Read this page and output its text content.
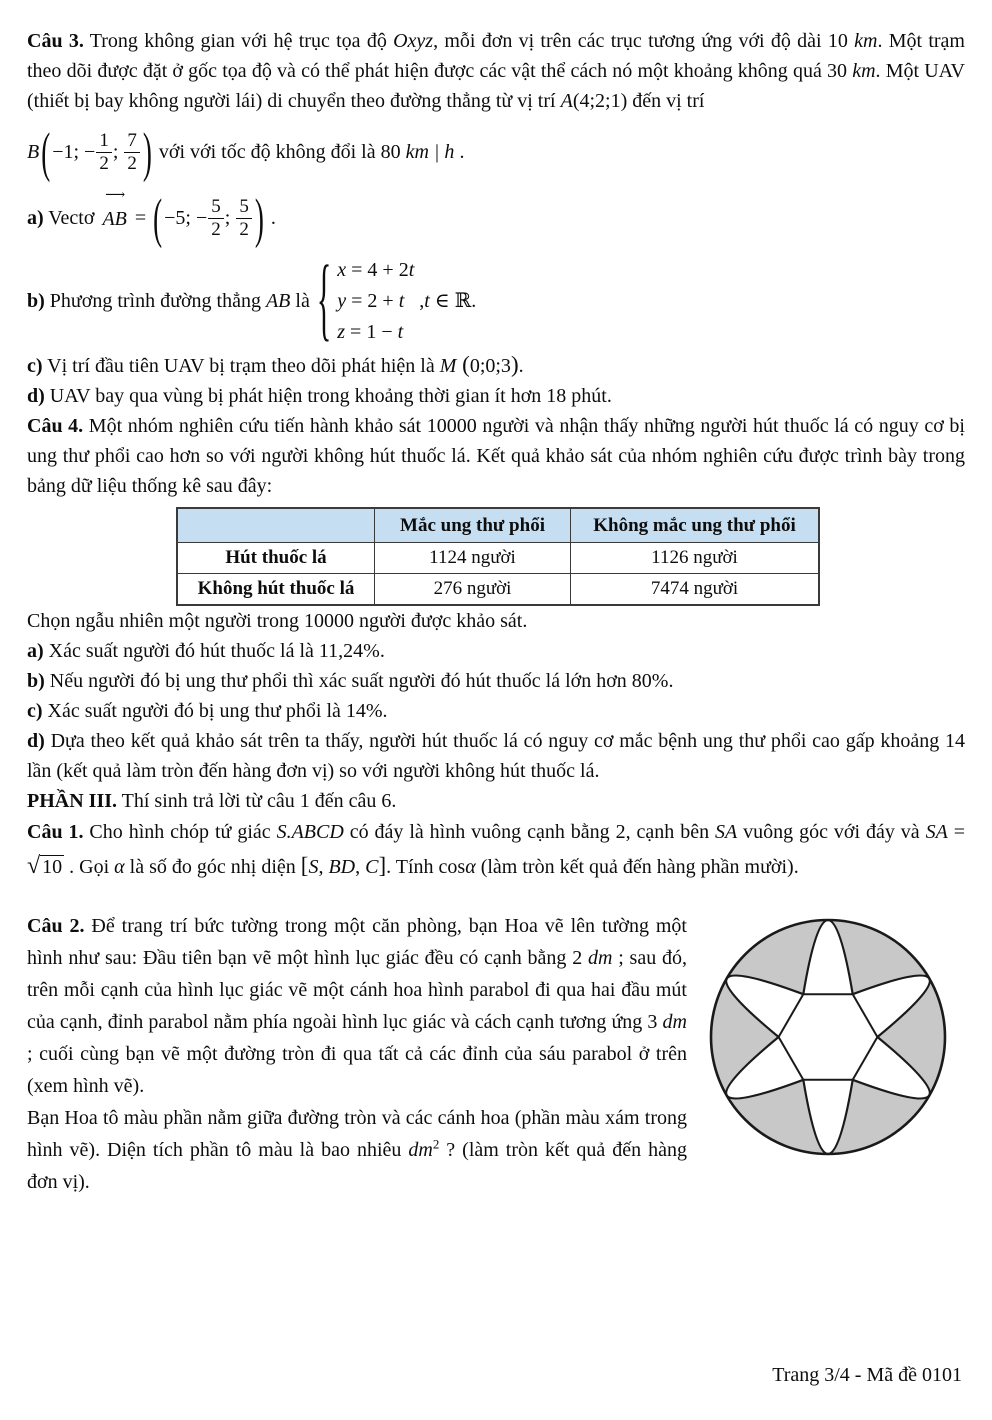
Câu 3. Trong không gian với hệ trục tọa độ Oxyz, mỗi đơn vị trên các trục tương ứng với độ dài 10 km. Một trạm theo dõi được đặt ở gốc tọa độ và có thể phát hiện được các vật thể cách nó một khoảng không quá 30 km. Một UAV (thiết bị bay không người lái) di chuyển theo đường thẳng từ vị trí A(4;2;1) đến vị trí

B ( −1; − $\frac{1}{2}$ ; $\frac{7}{2}$ ) với với tốc độ không đổi là 80 km | h .
a) Vectơ
⟶
AB = ( −5; − $\frac{5}{2}$ ; $\frac{5}{2}$ ) .
b) Phương trình đường thẳng AB là { x = 4 + 2t
y = 2 + t
z = 1 − t
, t ∈ ℝ.

c) Vị trí đầu tiên UAV bị trạm theo dõi phát hiện là M (0;0;3).

d) UAV bay qua vùng bị phát hiện trong khoảng thời gian ít hơn 18 phút.

Câu 4. Một nhóm nghiên cứu tiến hành khảo sát 10000 người và nhận thấy những người hút thuốc lá có nguy cơ bị ung thư phổi cao hơn so với người không hút thuốc lá. Kết quả khảo sát của nhóm nghiên cứu được trình bày trong bảng dữ liệu thống kê sau đây:

	Mắc ung thư phổi	Không mắc ung thư phổi
Hút thuốc lá	1124 người	1126 người
Không hút thuốc lá	276 người	7474 người

Chọn ngẫu nhiên một người trong 10000 người được khảo sát.

a) Xác suất người đó hút thuốc lá là 11,24%.

b) Nếu người đó bị ung thư phổi thì xác suất người đó hút thuốc lá lớn hơn 80%.

c) Xác suất người đó bị ung thư phổi là 14%.

d) Dựa theo kết quả khảo sát trên ta thấy, người hút thuốc lá có nguy cơ mắc bệnh ung thư phổi cao gấp khoảng 14 lần (kết quả làm tròn đến hàng đơn vị) so với người không hút thuốc lá.

PHẦN III. Thí sinh trả lời từ câu 1 đến câu 6.

Câu 1. Cho hình chóp tứ giác S.ABCD có đáy là hình vuông cạnh bằng 2, cạnh bên SA vuông góc với đáy và SA = √ 10 . Gọi α là số đo góc nhị diện [S, BD, C]. Tính cosα (làm tròn kết quả đến hàng phần mười).

Câu 2. Để trang trí bức tường trong một căn phòng, bạn Hoa vẽ lên tường một hình như sau: Đầu tiên bạn vẽ một hình lục giác đều có cạnh bằng 2 dm ; sau đó, trên mỗi cạnh của hình lục giác vẽ một cánh hoa hình parabol đi qua hai đầu mút của cạnh, đỉnh parabol nằm phía ngoài hình lục giác và cách cạnh tương ứng 3 dm ; cuối cùng bạn vẽ một đường tròn đi qua tất cả các đỉnh của sáu parabol ở trên (xem hình vẽ).

Bạn Hoa tô màu phần nằm giữa đường tròn và các cánh hoa (phần màu xám trong hình vẽ). Diện tích phần tô màu là bao nhiêu $dm^2$ ? (làm tròn kết quả đến hàng đơn vị).

Trang 3/4 - Mã đề 0101
